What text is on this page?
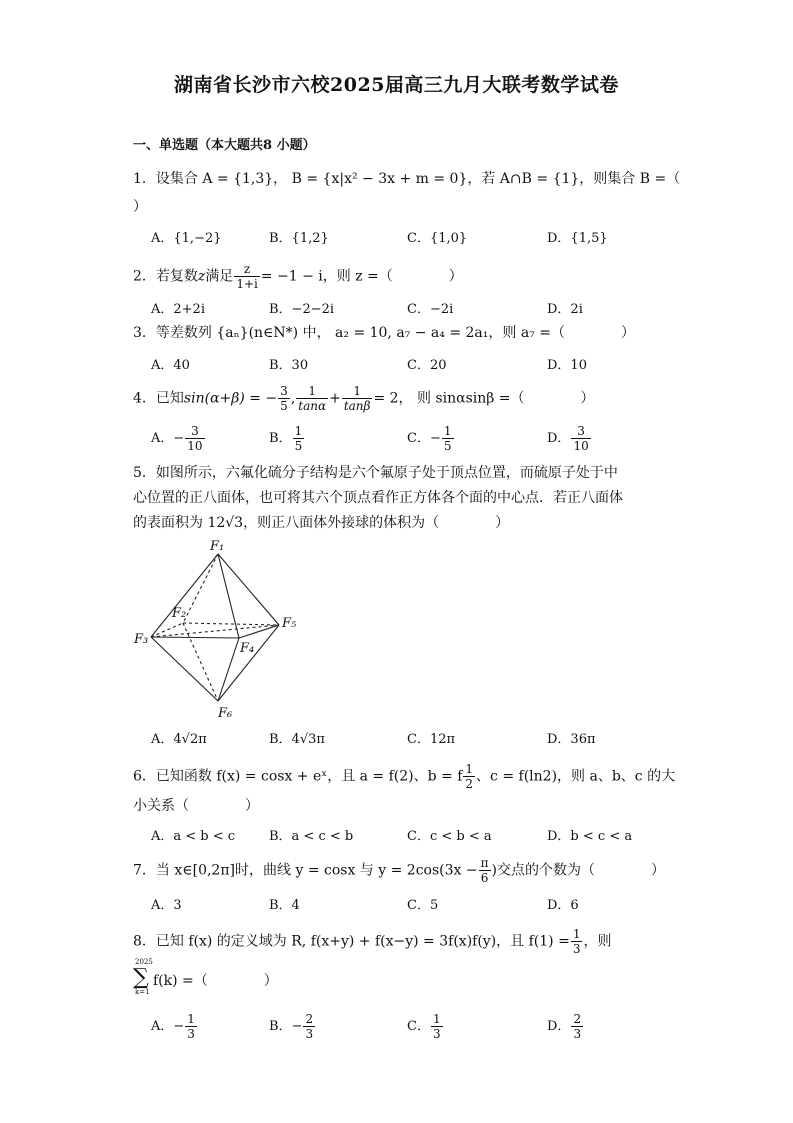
湖南省长沙市六校2025届高三九月大联考数学试卷
一、单选题（本大题共8 小题）
1．设集合 A = {1,3}， B = {x|x² − 3x + m = 0}，若 A∩B = {1}，则集合 B =（
）
A．{1,−2}	B．{1,2}	C．{1,0}	D．{1,5}
2．若复数z满足 $\frac{z}{1+i} = -1 - i$，则 z =（　　　　）
A．2+2i	B．−2−2i	C．−2i	D．2i
3．等差数列 {aₙ}(n∈N*) 中， a₂ = 10, a₇ − a₄ = 2a₁，则 a₇ =（　　　　）
A．40	B．30	C．20	D．10
4．已知sin(α+β) = − $\frac{3}{5}$ , $\frac{1}{\tan\alpha} + \frac{1}{\tan\beta} = 2$， 则 sinαsinβ =（　　　　）
A．− $\frac{3}{10}$	B． $\frac{1}{5}$	C．− $\frac{1}{5}$	D． $\frac{3}{10}$
5．如图所示，六氟化硫分子结构是六个氟原子处于顶点位置，而硫原子处于中
心位置的正八面体，也可将其六个顶点看作正方体各个面的中心点．若正八面体
的表面积为 12√3，则正八面体外接球的体积为（　　　　）
F₁
F₂
F₃
F₄
F₅
F₆
A．4√2π	B．4√3π	C．12π	D．36π
6．已知函数 f(x) = cosx + eˣ，且 a = f(2)、b = f $\frac{1}{2}$ 、c = f(ln2)，则 a、b、c 的大
小关系（　　　　）
A．a < b < c	B．a < c < b	C．c < b < a	D．b < c < a
7．当 x∈[0,2π]时，曲线 y = cosx 与 $y = 2\cos(3x - \frac{\pi}{6}$ )交点的个数为（　　　　）
A．3	B．4	C．5	D．6
8．已知 f(x) 的定义域为 R, f(x+y) + f(x−y) = 3f(x)f(y)，且 $f(1) = \frac{1}{3}$ ，则
2025
∑
k=1
f(k) =（　　　　）
A．− $\frac{1}{3}$	B．− $\frac{2}{3}$	C． $\frac{1}{3}$	D． $\frac{2}{3}$
